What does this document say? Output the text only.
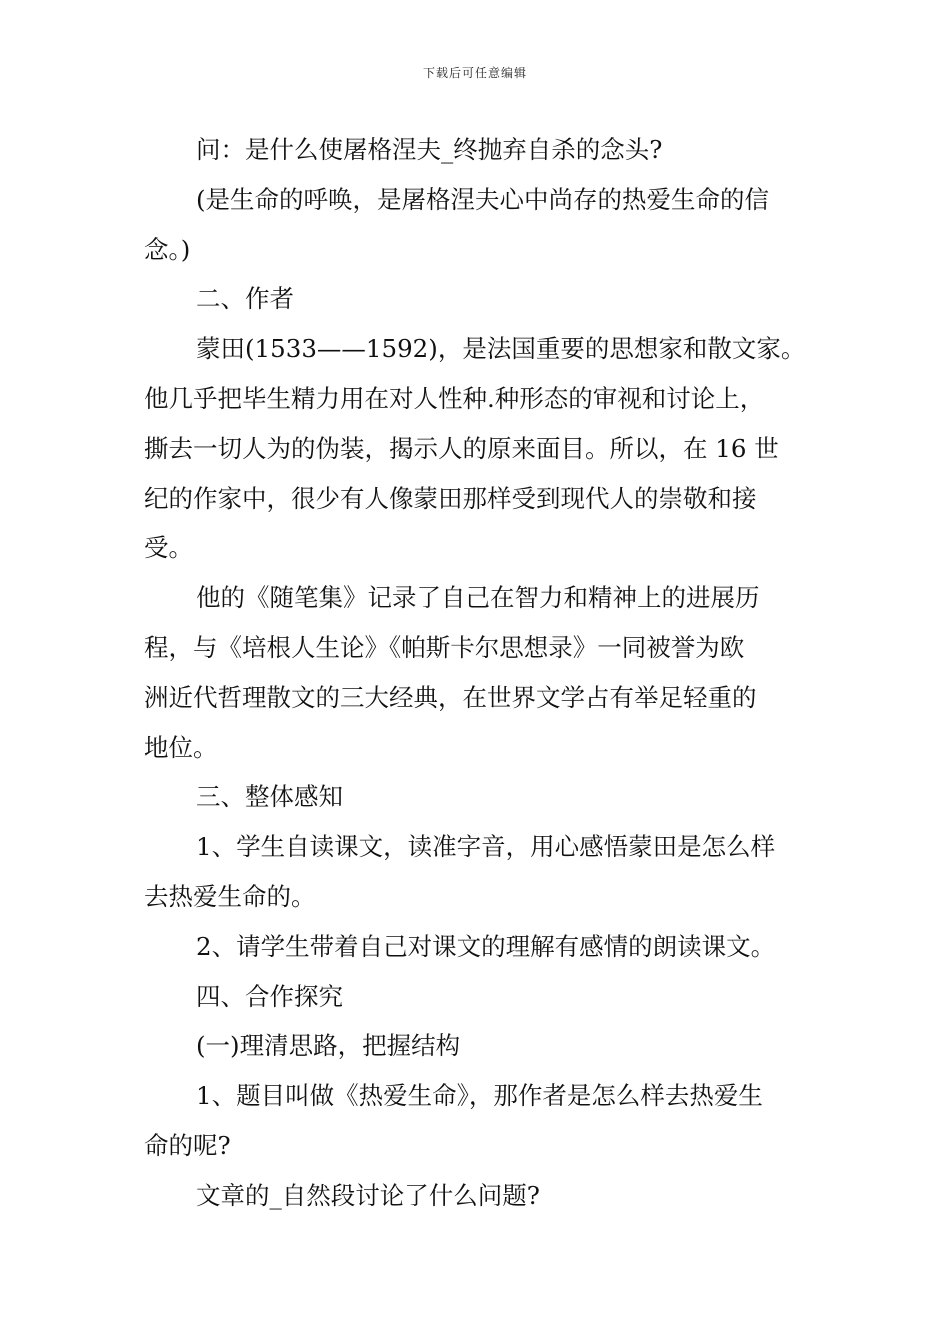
下载后可任意编辑

问：是什么使屠格涅夫_终抛弃自杀的念头?

(是生命的呼唤，是屠格涅夫心中尚存的热爱生命的信

念。)

二、作者

蒙田(1533——1592)，是法国重要的思想家和散文家。

他几乎把毕生精力用在对人性种.种形态的审视和讨论上，

撕去一切人为的伪装，揭示人的原来面目。所以，在 16 世

纪的作家中，很少有人像蒙田那样受到现代人的崇敬和接

受。

他的《随笔集》记录了自己在智力和精神上的进展历

程，与《培根人生论》《帕斯卡尔思想录》一同被誉为欧

洲近代哲理散文的三大经典，在世界文学占有举足轻重的

地位。

三、整体感知

1、学生自读课文，读准字音，用心感悟蒙田是怎么样

去热爱生命的。

2、请学生带着自己对课文的理解有感情的朗读课文。

四、合作探究

(一)理清思路，把握结构

1、题目叫做《热爱生命》，那作者是怎么样去热爱生

命的呢?

文章的_自然段讨论了什么问题?
